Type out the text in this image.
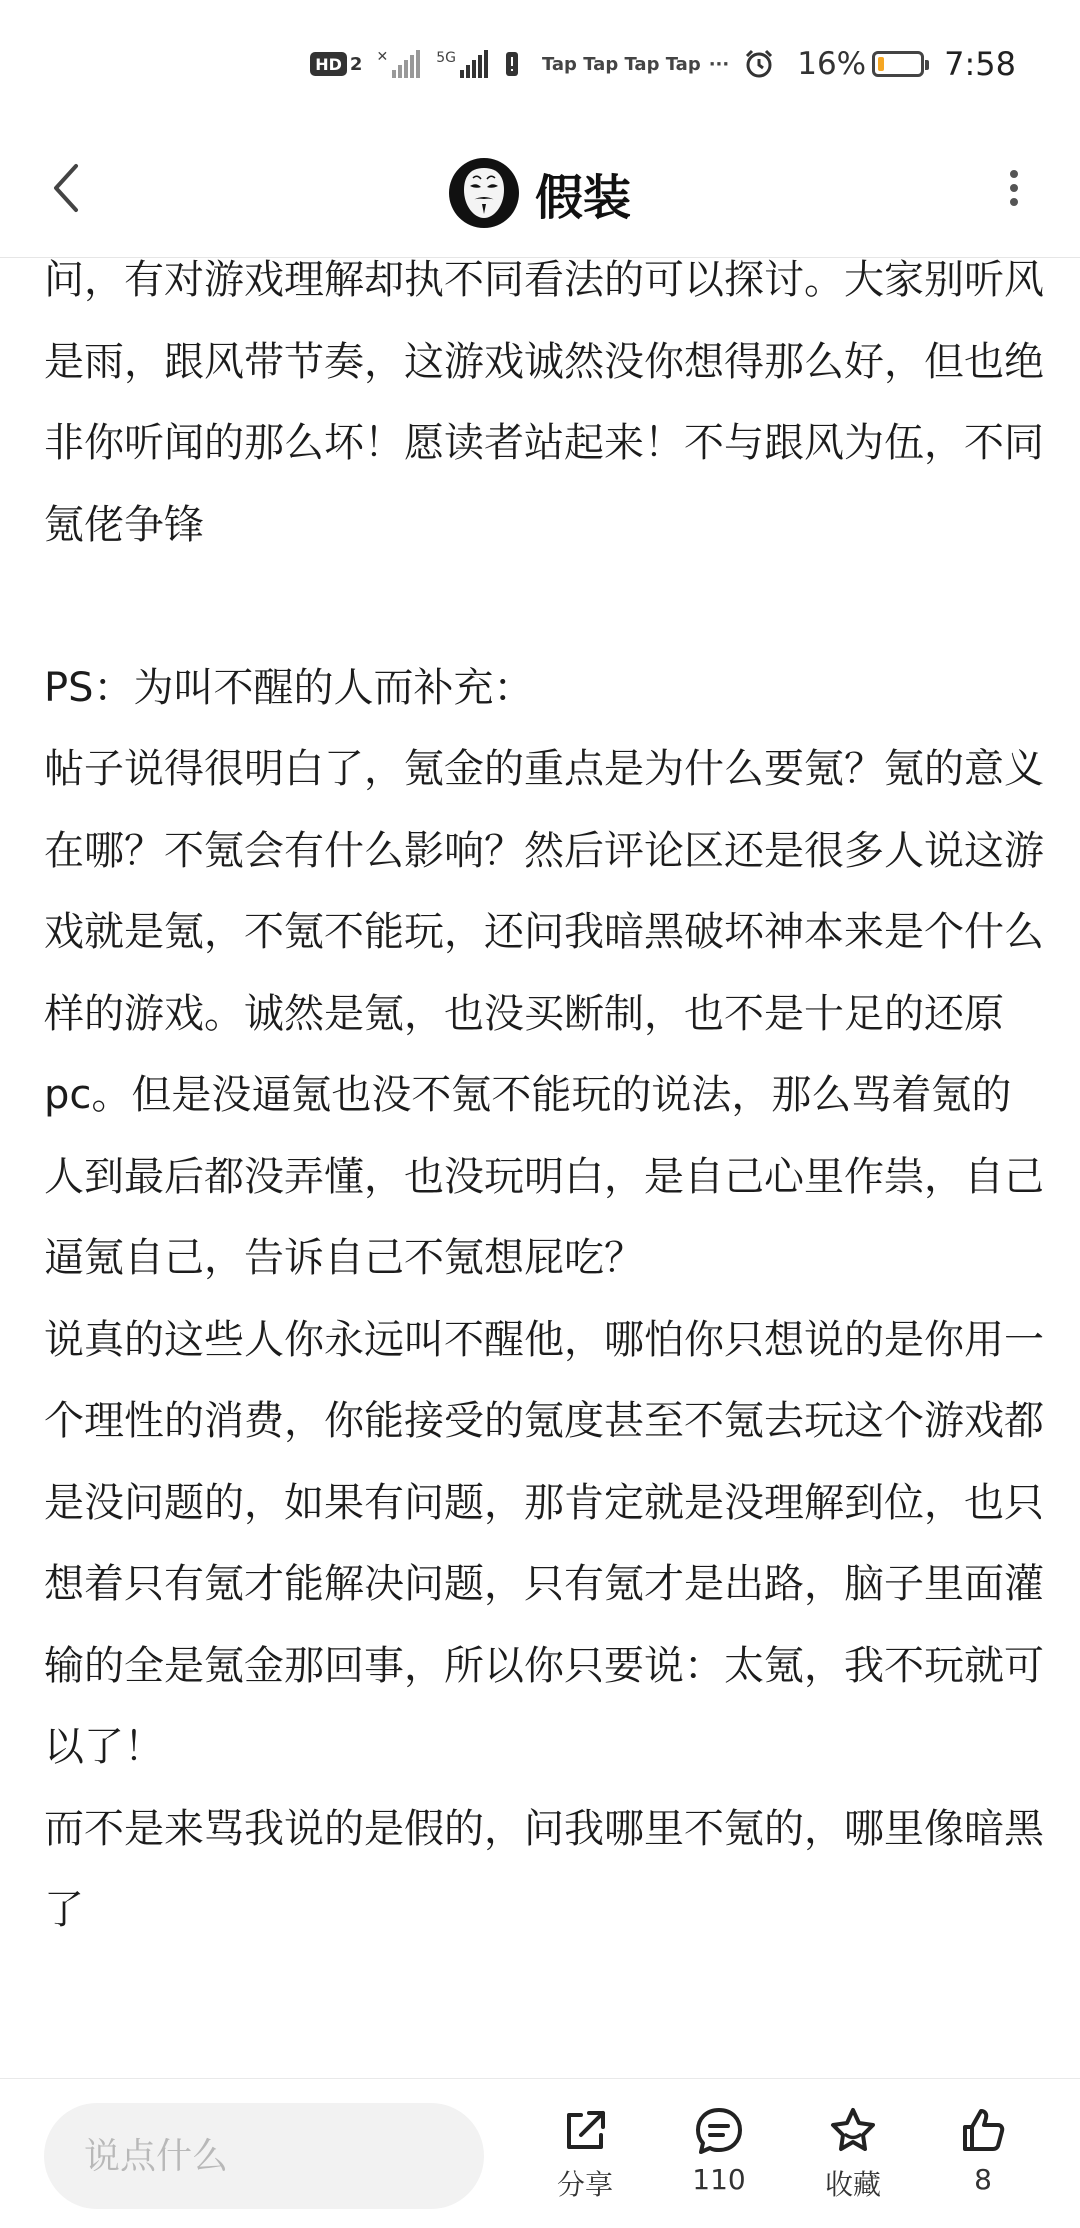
HD 2 ✕	5G	Tap Tap Tap Tap ··· 16% 7:58
假装

问，有对游戏理解却执不同看法的可以探讨。大家别听风是雨，跟风带节奏，这游戏诚然没你想得那么好，但也绝非你听闻的那么坏！愿读者站起来！不与跟风为伍，不同氪佬争锋

PS：为叫不醒的人而补充：

帖子说得很明白了，氪金的重点是为什么要氪？氪的意义在哪？不氪会有什么影响？然后评论区还是很多人说这游戏就是氪，不氪不能玩，还问我暗黑破坏神本来是个什么样的游戏。诚然是氪，也没买断制，也不是十足的还原pc。但是没逼氪也没不氪不能玩的说法，那么骂着氪的人到最后都没弄懂，也没玩明白，是自己心里作祟，自己逼氪自己，告诉自己不氪想屁吃？

说真的这些人你永远叫不醒他，哪怕你只想说的是你用一个理性的消费，你能接受的氪度甚至不氪去玩这个游戏都是没问题的，如果有问题，那肯定就是没理解到位，也只想着只有氪才能解决问题，只有氪才是出路，脑子里面灌输的全是氪金那回事，所以你只要说：太氪，我不玩就可以了！

而不是来骂我说的是假的，问我哪里不氪的，哪里像暗黑了

说点什么
分享	110	收藏	8
